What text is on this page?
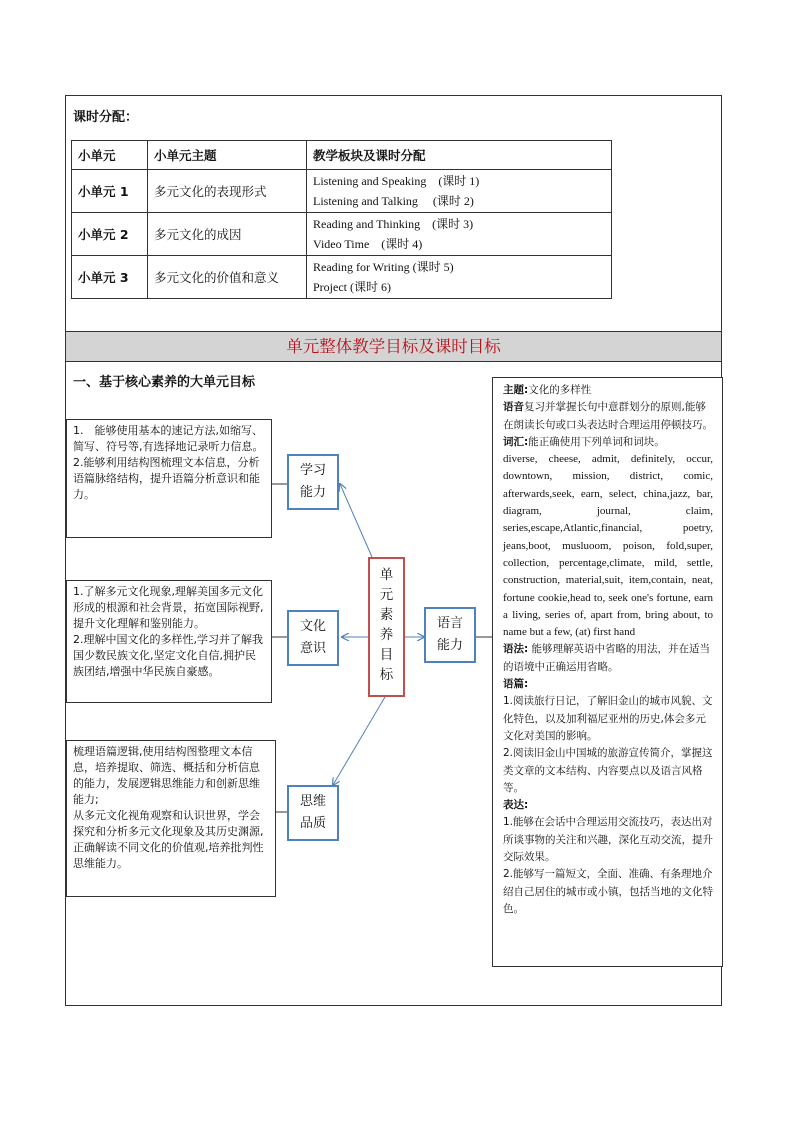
课时分配：
小单元	小单元主题	教学板块及课时分配
小单元 1	多元文化的表现形式	Listening and Speaking　(课时 1)
Listening and Talking　 (课时 2)

小单元 2	多元文化的成因	Reading and Thinking　(课时 3)
Video Time　(课时 4)

小单元 3	多元文化的价值和意义	Reading for Writing (课时 5)
Project (课时 6)
单元整体教学目标及课时目标
一、基于核心素养的大单元目标
1.　能够使用基本的速记方法,如缩写、简写、符号等,有选择地记录听力信息。
2.能够利用结构图梳理文本信息，分析语篇脉络结构，提升语篇分析意识和能力。
1.了解多元文化现象,理解美国多元文化形成的根源和社会背景，拓宽国际视野,提升文化理解和鉴别能力。
2.理解中国文化的多样性,学习并了解我国少数民族文化,坚定文化自信,拥护民族团结,增强中华民族自豪感。
梳理语篇逻辑,使用结构图整理文本信息，培养提取、筛选、概括和分析信息的能力，发展逻辑思维能力和创新思维能力;
从多元文化视角观察和认识世界，学会探究和分析多元文化现象及其历史渊源,正确解读不同文化的价值观,培养批判性思维能力。
学习
能力
文化
意识
思维
品质
语言
能力
单
元
素
养
目
标

主题:文化的多样性

语音复习并掌握长句中意群划分的原则,能够在朗读长句或口头表达时合理运用停顿技巧。

词汇:能正确使用下列单词和词块。

diverse, cheese, admit, definitely, occur, downtown, mission, district, comic, afterwards,seek, earn, select, china,jazz, bar, diagram, journal, claim, series,escape,Atlantic,financial, poetry, jeans,boot, musluoom, poison, fold,super, collection, percentage,climate, mild, settle, construction, material,suit, item,contain, neat, fortune cookie,head to, seek one's fortune, earn a living, series of, apart from, bring about, to name but a few, (at) first hand

语法: 能够理解英语中省略的用法，并在适当的语境中正确运用省略。

语篇:

1.阅读旅行日记，了解旧金山的城市风貌、文化特色，以及加利福尼亚州的历史,体会多元文化对美国的影响。

2.阅读旧金山中国城的旅游宣传简介，掌握这类文章的文本结构、内容要点以及语言风格等。

表达:

1.能够在会话中合理运用交流技巧，表达出对所谈事物的关注和兴趣，深化互动交流，提升交际效果。

2.能够写一篇短文，全面、准确、有条理地介绍自己居住的城市或小镇，包括当地的文化特色。
